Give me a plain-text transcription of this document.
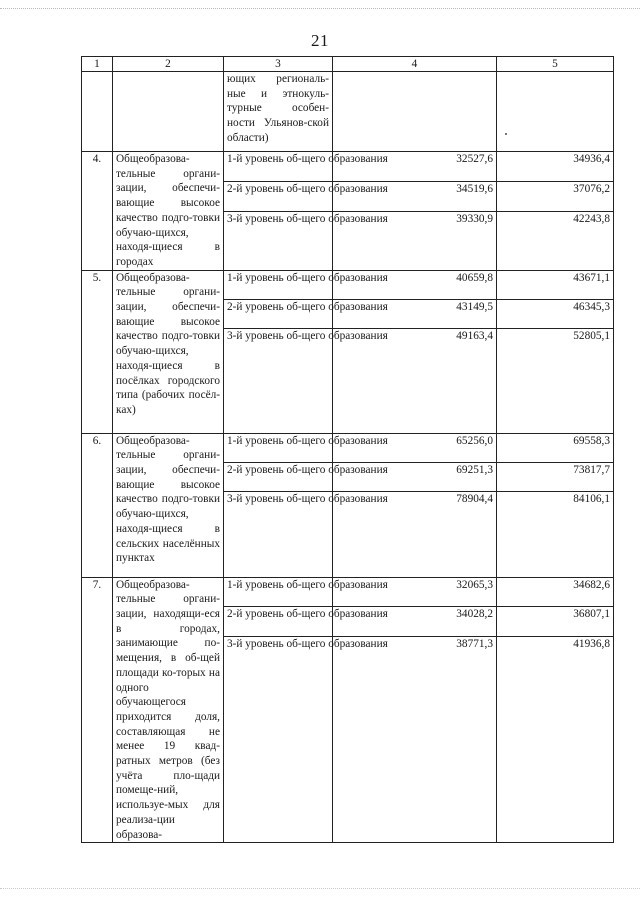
21
1	2	3	4	5
		ющих региональ-ные и этнокуль-турные особен-ности Ульянов-ской области)		
4.	Общеобразова-тельные органи-зации, обеспечи-вающие высокое качество подго-товки обучаю-щихся, находя-щиеся в городах	1-й уровень об-щего образования	32527,6	34936,4
		2-й уровень об-щего образования	34519,6	37076,2
		3-й уровень об-щего образования	39330,9	42243,8
5.	Общеобразова-тельные органи-зации, обеспечи-вающие высокое качество подго-товки обучаю-щихся, находя-щиеся в посёлках городского типа (рабочих посёл-ках)	1-й уровень об-щего образования	40659,8	43671,1
		2-й уровень об-щего образования	43149,5	46345,3
		3-й уровень об-щего образования	49163,4	52805,1
6.	Общеобразова-тельные органи-зации, обеспечи-вающие высокое качество подго-товки обучаю-щихся, находя-щиеся в сельских населённых пунктах	1-й уровень об-щего образования	65256,0	69558,3
		2-й уровень об-щего образования	69251,3	73817,7
		3-й уровень об-щего образования	78904,4	84106,1
7.	Общеобразова-тельные органи-зации, находящи-еся в городах, занимающие по-мещения, в об-щей площади ко-торых на одного обучающегося приходится доля, составляющая не менее 19 квад-ратных метров (без учёта пло-щади помеще-ний, используе-мых для реализа-ции образова-	1-й уровень об-щего образования	32065,3	34682,6
		2-й уровень об-щего образования	34028,2	36807,1
		3-й уровень об-щего образования	38771,3	41936,8
